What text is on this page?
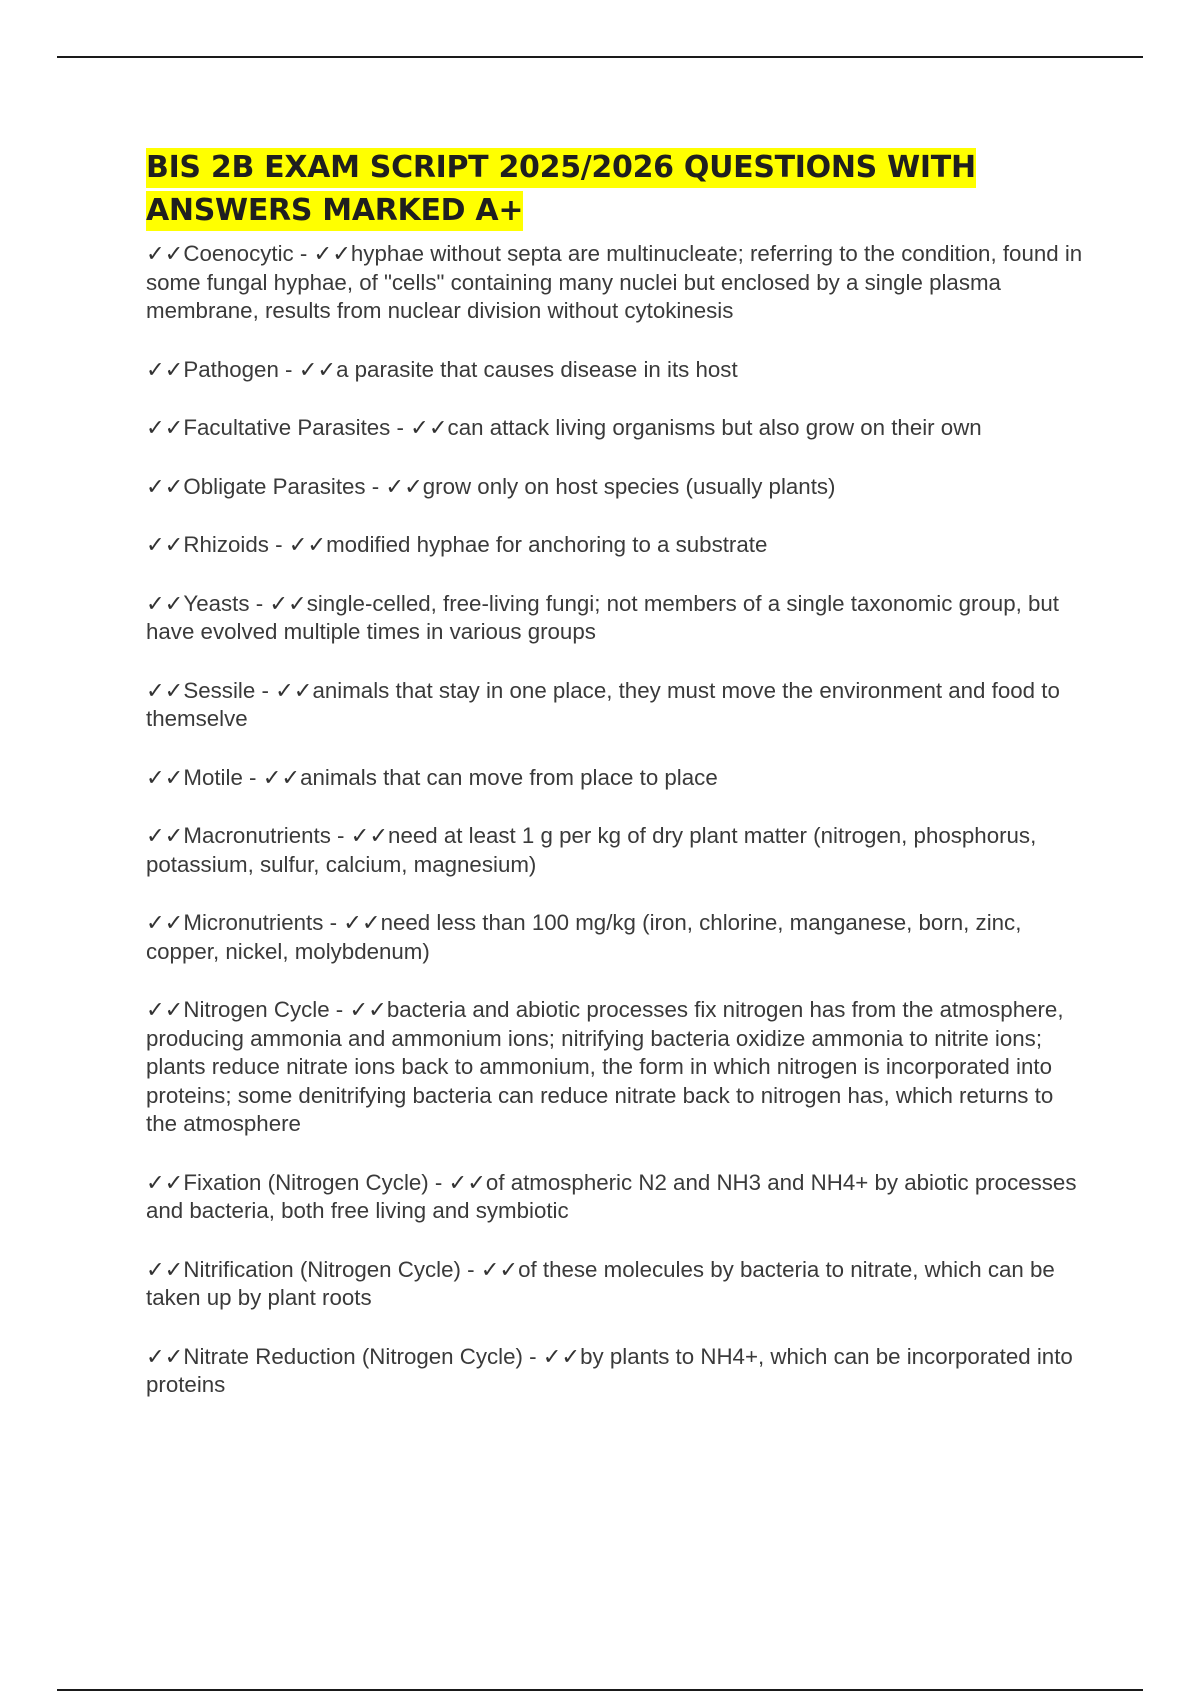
BIS 2B EXAM SCRIPT 2025/2026 QUESTIONS WITH
ANSWERS MARKED A+

✓✓Coenocytic - ✓✓hyphae without septa are multinucleate; referring to the condition, found in some fungal hyphae, of "cells" containing many nuclei but enclosed by a single plasma membrane, results from nuclear division without cytokinesis

✓✓Pathogen - ✓✓a parasite that causes disease in its host

✓✓Facultative Parasites - ✓✓can attack living organisms but also grow on their own

✓✓Obligate Parasites - ✓✓grow only on host species (usually plants)

✓✓Rhizoids - ✓✓modified hyphae for anchoring to a substrate

✓✓Yeasts - ✓✓single-celled, free-living fungi; not members of a single taxonomic group, but have evolved multiple times in various groups

✓✓Sessile - ✓✓animals that stay in one place, they must move the environment and food to themselve

✓✓Motile - ✓✓animals that can move from place to place

✓✓Macronutrients - ✓✓need at least 1 g per kg of dry plant matter (nitrogen, phosphorus, potassium, sulfur, calcium, magnesium)

✓✓Micronutrients - ✓✓need less than 100 mg/kg (iron, chlorine, manganese, born, zinc, copper, nickel, molybdenum)

✓✓Nitrogen Cycle - ✓✓bacteria and abiotic processes fix nitrogen has from the atmosphere, producing ammonia and ammonium ions; nitrifying bacteria oxidize ammonia to nitrite ions; plants reduce nitrate ions back to ammonium, the form in which nitrogen is incorporated into proteins; some denitrifying bacteria can reduce nitrate back to nitrogen has, which returns to the atmosphere

✓✓Fixation (Nitrogen Cycle) - ✓✓of atmospheric N2 and NH3 and NH4+ by abiotic processes and bacteria, both free living and symbiotic

✓✓Nitrification (Nitrogen Cycle) - ✓✓of these molecules by bacteria to nitrate, which can be taken up by plant roots

✓✓Nitrate Reduction (Nitrogen Cycle) - ✓✓by plants to NH4+, which can be incorporated into proteins
